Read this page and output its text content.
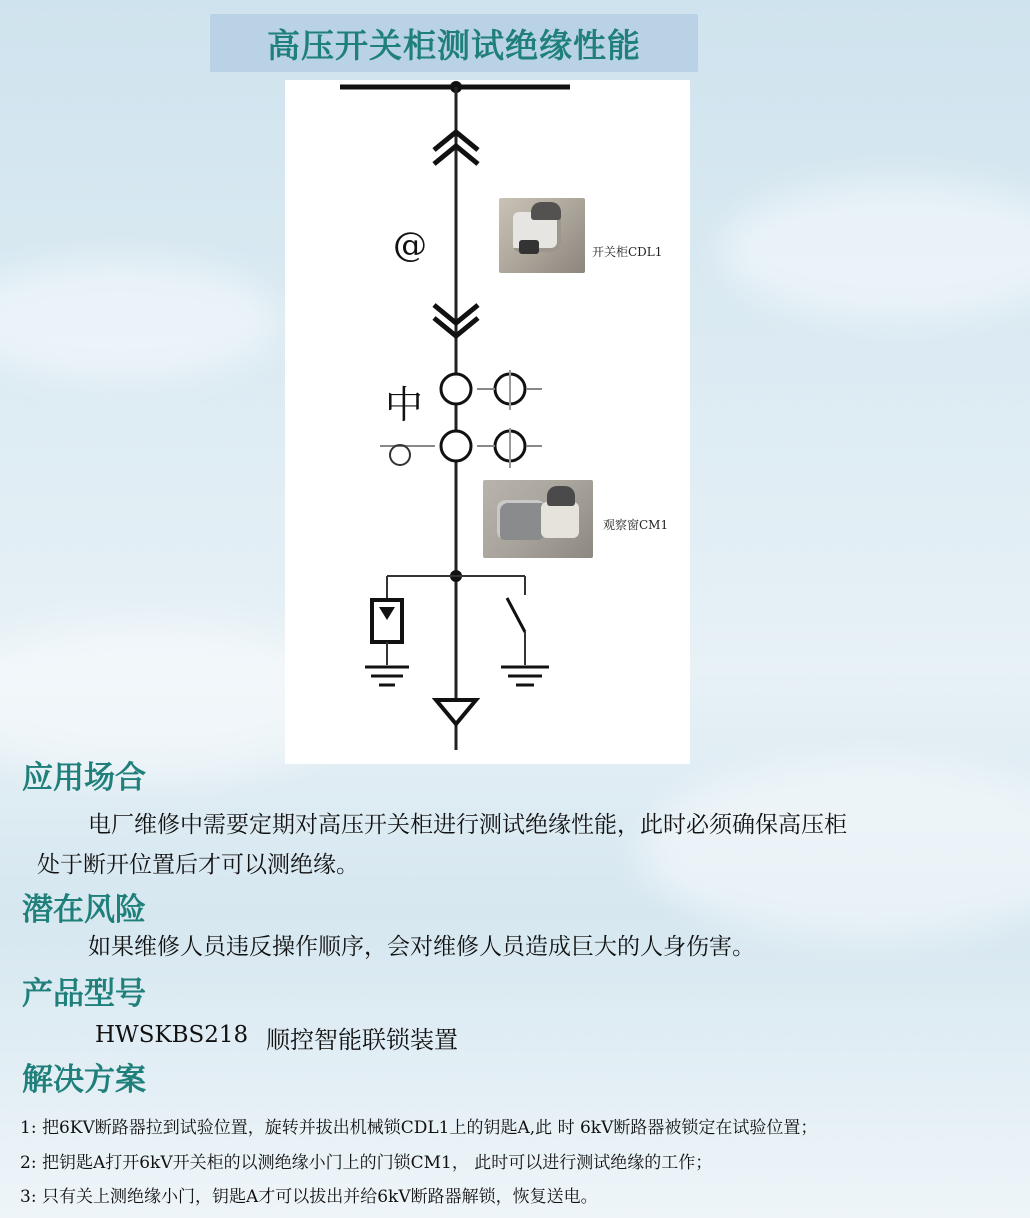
高压开关柜测试绝缘性能
@
中
开关柜CDL1
观察窗CM1
应用场合
电厂维修中需要定期对高压开关柜进行测试绝缘性能，此时必须确保高压柜
处于断开位置后才可以测绝缘。
潜在风险
如果维修人员违反操作顺序，会对维修人员造成巨大的人身伤害。
产品型号
HWSKBS218 顺控智能联锁装置
解决方案
1: 把6KV断路器拉到试验位置，旋转并拔出机械锁CDL1上的钥匙A,此 时 6kV断路器被锁定在试验位置；
2: 把钥匙A打开6kV开关柜的以测绝缘小门上的门锁CM1， 此时可以进行测试绝缘的工作；
3: 只有关上测绝缘小门，钥匙A才可以拔出并给6kV断路器解锁，恢复送电。
